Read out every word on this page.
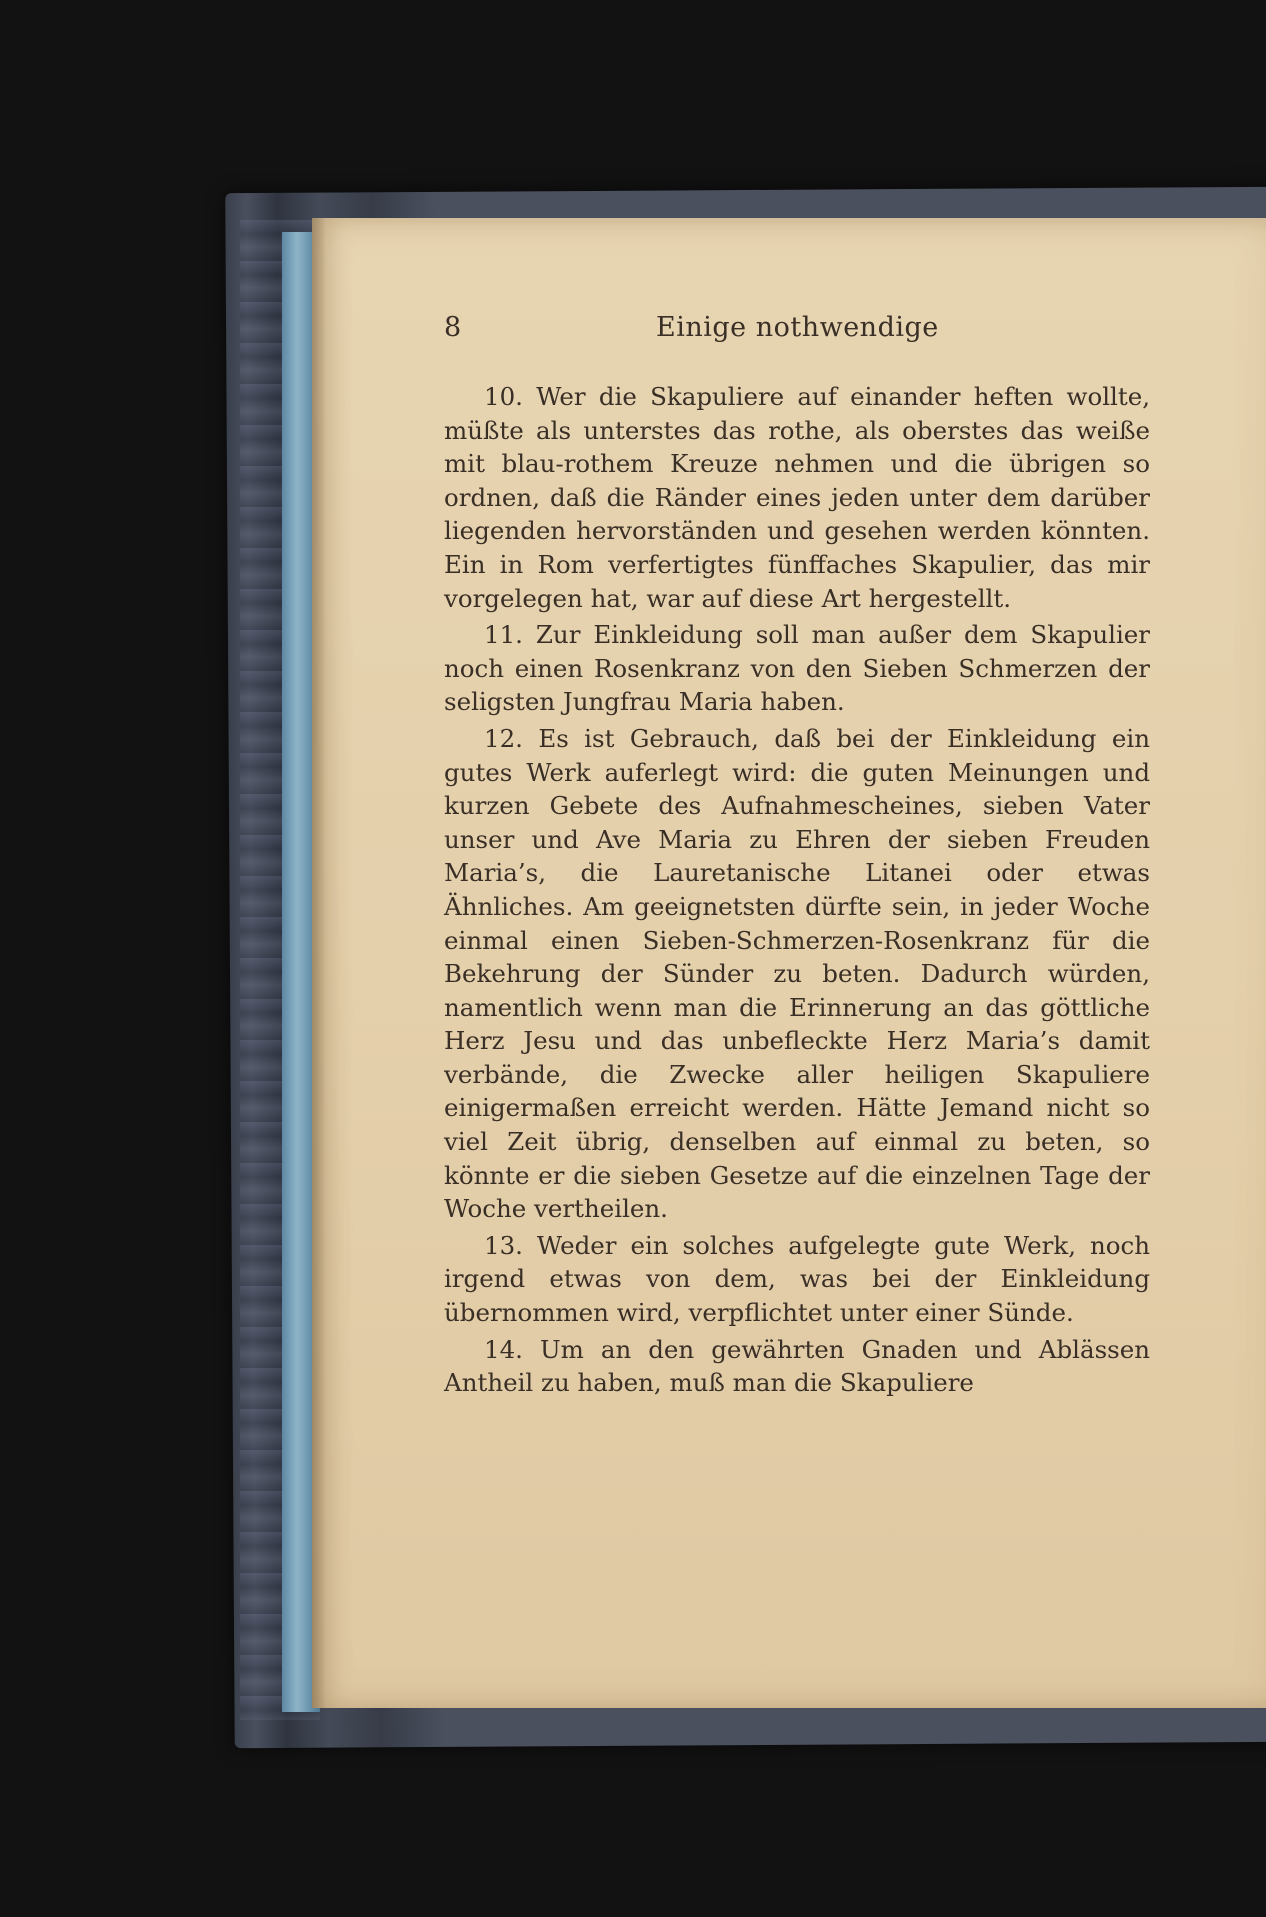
8	Einige nothwendige

10. Wer die Skapuliere auf einander heften wollte, müßte als unterstes das rothe, als oberstes das weiße mit blau-rothem Kreuze nehmen und die übrigen so ordnen, daß die Ränder eines jeden unter dem darüber liegenden hervorständen und gesehen werden könnten. Ein in Rom verfertigtes fünffaches Skapulier, das mir vorgelegen hat, war auf diese Art hergestellt.

11. Zur Einkleidung soll man außer dem Skapulier noch einen Rosenkranz von den Sieben Schmerzen der seligsten Jungfrau Maria haben.

12. Es ist Gebrauch, daß bei der Einkleidung ein gutes Werk auferlegt wird: die guten Meinungen und kurzen Gebete des Aufnahmescheines, sieben Vater unser und Ave Maria zu Ehren der sieben Freuden Maria’s, die Lauretanische Litanei oder etwas Ähnliches. Am geeignetsten dürfte sein, in jeder Woche einmal einen Sieben-Schmerzen-Rosenkranz für die Bekehrung der Sünder zu beten. Dadurch würden, namentlich wenn man die Erinnerung an das göttliche Herz Jesu und das unbefleckte Herz Maria’s damit verbände, die Zwecke aller heiligen Skapuliere einigermaßen erreicht werden. Hätte Jemand nicht so viel Zeit übrig, denselben auf einmal zu beten, so könnte er die sieben Gesetze auf die einzelnen Tage der Woche vertheilen.

13. Weder ein solches aufgelegte gute Werk, noch irgend etwas von dem, was bei der Einkleidung übernommen wird, verpflichtet unter einer Sünde.

14. Um an den gewährten Gnaden und Ablässen Antheil zu haben, muß man die Skapuliere
